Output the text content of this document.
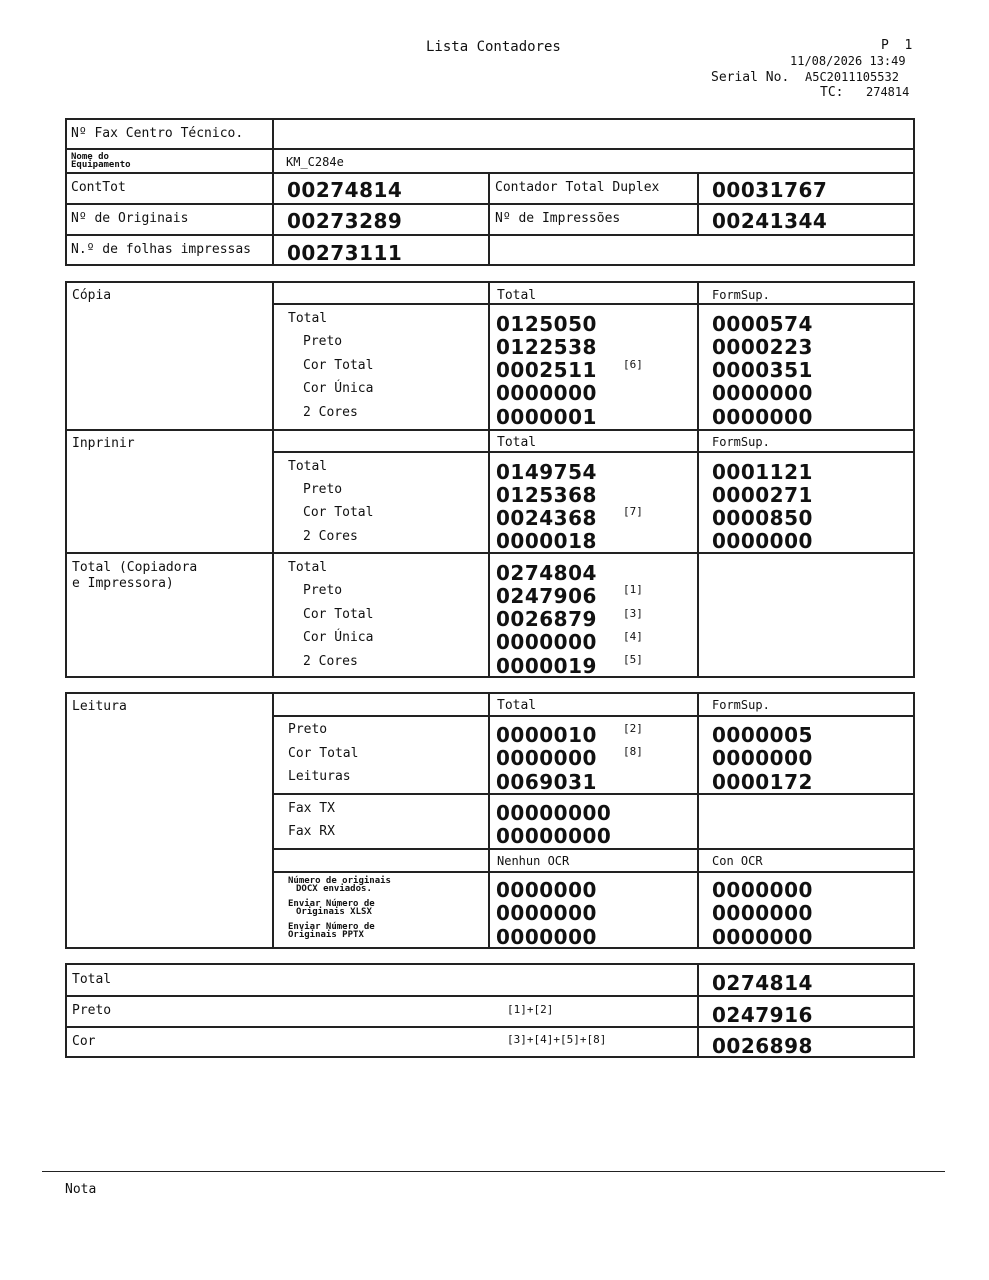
Lista Contadores	P  1
11/08/2026 13:49
Serial No. A5C2011105532
TC: 274814
Nº Fax Centro Técnico.
Nome do
Equipamento	KM_C284e
ContTot	00274814	Contador Total Duplex	00031767
Nº de Originais	00273289	Nº de Impressões	00241344
N.º de folhas impressas 00273111
Cópia	Total	FormSup.
Total	0125050	0000574
Preto	0122538	0000223
Cor Total	0002511 [6]	0000351
Cor Única	0000000	0000000
2 Cores	0000001	0000000
Inprinir	Total	FormSup.
Total	0149754	0001121
Preto	0125368	0000271
Cor Total	0024368 [7]	0000850
2 Cores	0000018	0000000
Total (Copiadora
e Impressora)
Total	0274804
Preto	0247906 [1]
Cor Total	0026879 [3]
Cor Única	0000000 [4]
2 Cores	0000019 [5]
Leitura	Total	FormSup.
Preto	0000010 [2]	0000005
Cor Total	0000000 [8]	0000000
Leituras	0069031	0000172
Fax TX	00000000
Fax RX	00000000
Nenhun OCR	Con OCR
Número de originais
DOCX enviados.	0000000	0000000
Enviar Número de
Originais XLSX	0000000	0000000
Enviar Número de
Originais PPTX	0000000	0000000
Total	0274814
Preto	[1]+[2]	0247916
Cor	[3]+[4]+[5]+[8]	0026898
Nota
